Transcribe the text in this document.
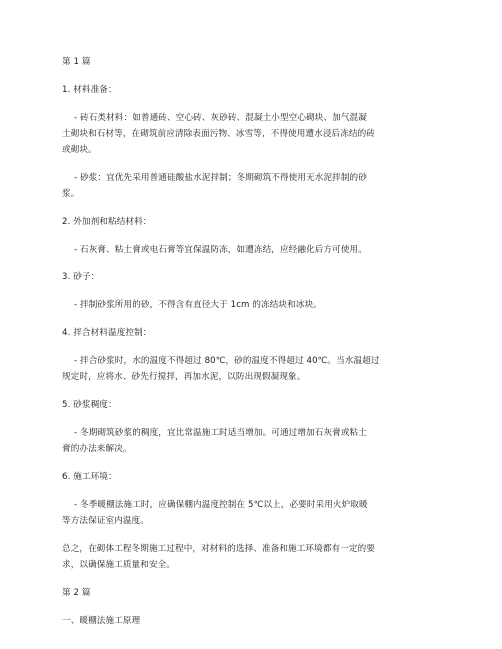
第 1 篇
1. 材料准备：
- 砖石类材料：如普通砖、空心砖、灰砂砖、混凝土小型空心砌块、加气混凝
土砌块和石材等，在砌筑前应清除表面污物、冰雪等，不得使用遭水浸后冻结的砖
或砌块。
- 砂浆：宜优先采用普通硅酸盐水泥拌制；冬期砌筑不得使用无水泥拌制的砂
浆。
2. 外加剂和粘结材料：
- 石灰膏、粘土膏或电石膏等宜保温防冻，如遭冻结，应经融化后方可使用。
3. 砂子：
- 拌制砂浆所用的砂，不得含有直径大于 1cm 的冻结块和冰块。
4. 拌合材料温度控制：
- 拌合砂浆时，水的温度不得超过 80℃，砂的温度不得超过 40℃。当水温超过
规定时，应将水、砂先行搅拌，再加水泥，以防出现假凝现象。
5. 砂浆稠度：
- 冬期砌筑砂浆的稠度，宜比常温施工时适当增加。可通过增加石灰膏或粘土
膏的办法来解决。
6. 施工环境：
- 冬季暖棚法施工时，应确保棚内温度控制在 5℃以上，必要时采用火炉取暖
等方法保证室内温度。
总之，在砌体工程冬期施工过程中，对材料的选择、准备和施工环境都有一定的要
求，以确保施工质量和安全。
第 2 篇
一、暖棚法施工原理
